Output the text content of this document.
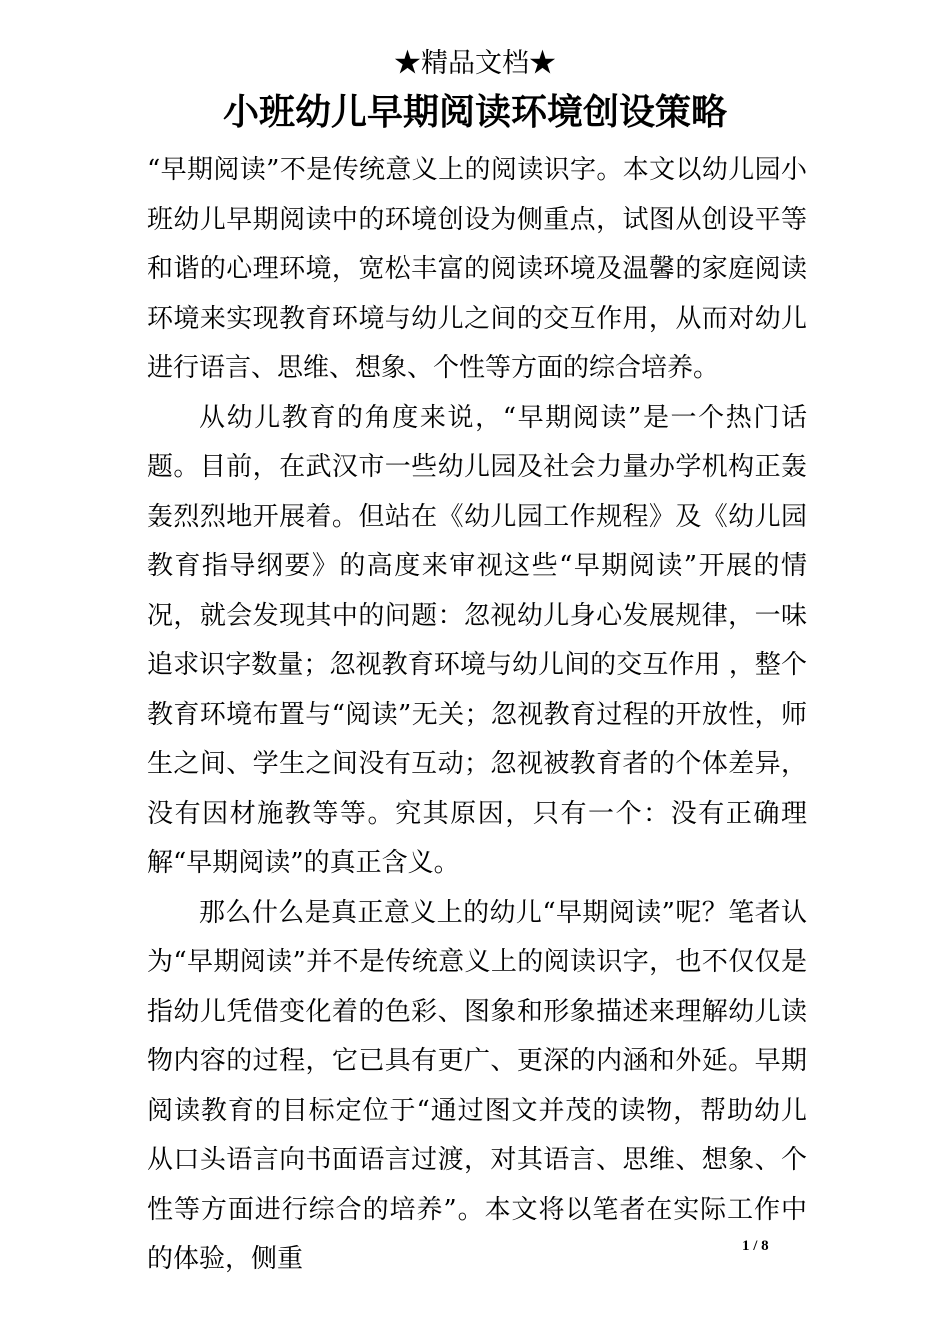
★精品文档★
小班幼儿早期阅读环境创设策略

“早期阅读”不是传统意义上的阅读识字。本文以幼儿园小班幼儿早期阅读中的环境创设为侧重点，试图从创设平等和谐的心理环境，宽松丰富的阅读环境及温馨的家庭阅读环境来实现教育环境与幼儿之间的交互作用，从而对幼儿进行语言、思维、想象、个性等方面的综合培养。

从幼儿教育的角度来说，“早期阅读”是一个热门话题。目前，在武汉市一些幼儿园及社会力量办学机构正轰轰烈烈地开展着。但站在《幼儿园工作规程》及《幼儿园教育指导纲要》的高度来审视这些“早期阅读”开展的情况，就会发现其中的问题：忽视幼儿身心发展规律，一味追求识字数量；忽视教育环境与幼儿间的交互作用 ，整个教育环境布置与“阅读”无关；忽视教育过程的开放性，师生之间、学生之间没有互动；忽视被教育者的个体差异，没有因材施教等等。究其原因，只有一个：没有正确理解“早期阅读”的真正含义。

那么什么是真正意义上的幼儿“早期阅读”呢？笔者认为“早期阅读”并不是传统意义上的阅读识字，也不仅仅是指幼儿凭借变化着的色彩、图象和形象描述来理解幼儿读物内容的过程，它已具有更广、更深的内涵和外延。早期阅读教育的目标定位于“通过图文并茂的读物，帮助幼儿从口头语言向书面语言过渡，对其语言、思维、想象、个性等方面进行综合的培养”。本文将以笔者在实际工作中的体验，侧重	1 / 8
